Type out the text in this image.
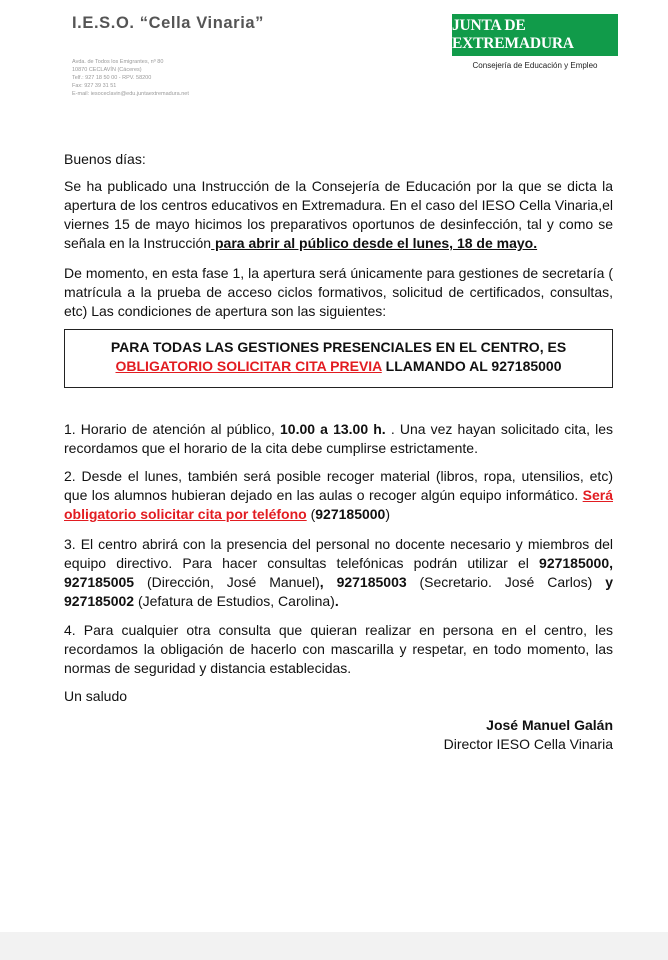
I.E.S.O. “Cella Vinaria”
Avda. de Todos los Emigrantes, nº 80
10870 CECLAVÍN (Cáceres)
Telf.: 927 18 50 00 - RPV. 58200
Fax: 927 39 31 51
E-mail: iesoceclavin@edu.juntaextremadura.net
JUNTA DE EXTREMADURA
Consejería de Educación y Empleo
Buenos días:
Se ha publicado una Instrucción de la Consejería de Educación por la que se dicta la apertura de los centros educativos en Extremadura. En el caso del IESO Cella Vinaria,el viernes 15 de mayo hicimos los preparativos oportunos de desinfección, tal y como se señala en la Instrucción para abrir al público desde el lunes, 18 de mayo.
De momento, en esta fase 1, la apertura será únicamente para gestiones de secretaría ( matrícula a la prueba de acceso ciclos formativos, solicitud de certificados, consultas, etc) Las condiciones de apertura son las siguientes:
PARA TODAS LAS GESTIONES PRESENCIALES EN EL CENTRO, ES
OBLIGATORIO SOLICITAR CITA PREVIA LLAMANDO AL 927185000
1. Horario de atención al público, 10.00 a 13.00 h. . Una vez hayan solicitado cita, les recordamos que el horario de la cita debe cumplirse estrictamente.
2. Desde el lunes, también será posible recoger material (libros, ropa, utensilios, etc) que los alumnos hubieran dejado en las aulas o recoger algún equipo informático. Será obligatorio solicitar cita por teléfono (927185000)
3. El centro abrirá con la presencia del personal no docente necesario y miembros del equipo directivo. Para hacer consultas telefónicas podrán utilizar el 927185000, 927185005 (Dirección, José Manuel), 927185003 (Secretario. José Carlos) y 927185002 (Jefatura de Estudios, Carolina).
4. Para cualquier otra consulta que quieran realizar en persona en el centro, les recordamos la obligación de hacerlo con mascarilla y respetar, en todo momento, las normas de seguridad y distancia establecidas.
Un saludo
José Manuel Galán
Director IESO Cella Vinaria
